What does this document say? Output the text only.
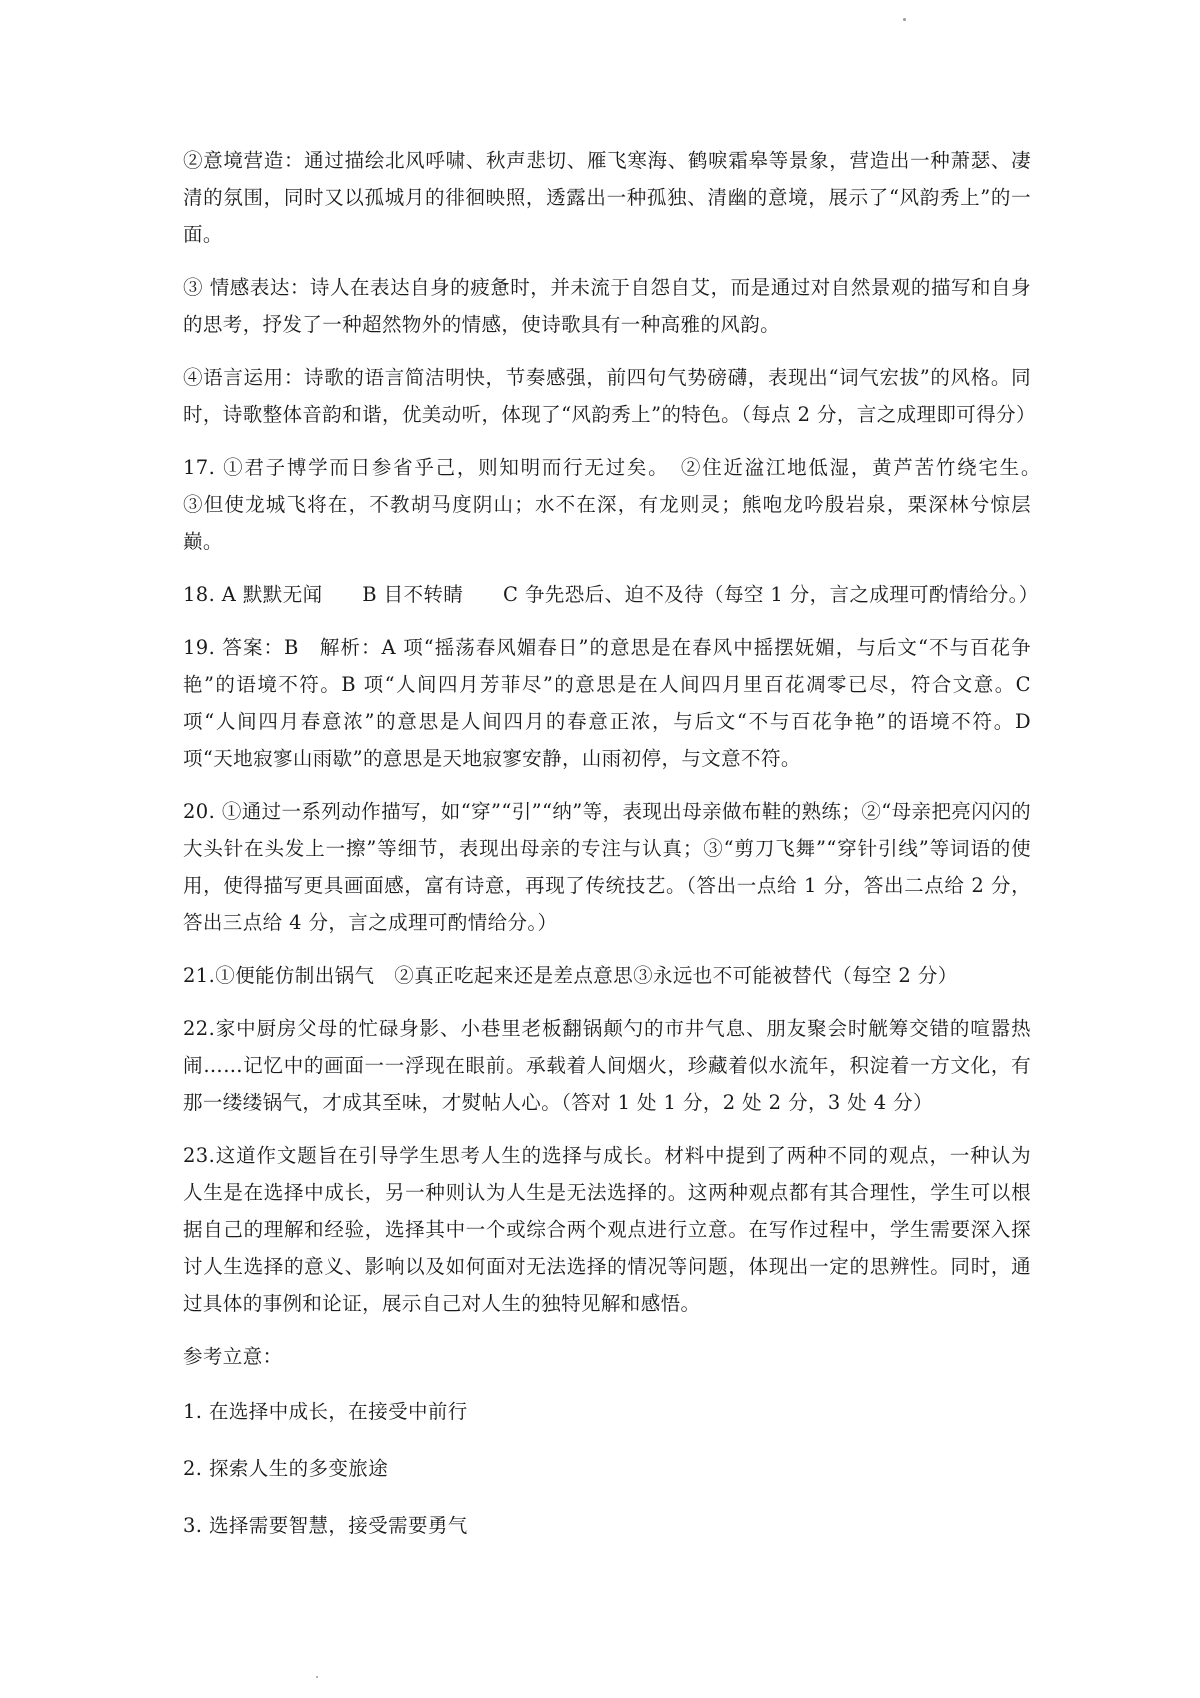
②意境营造：通过描绘北风呼啸、秋声悲切、雁飞寒海、鹤唳霜皋等景象，营造出一种萧瑟、凄清的氛围，同时又以孤城月的徘徊映照，透露出一种孤独、清幽的意境，展示了“风韵秀上”的一面。

③ 情感表达：诗人在表达自身的疲惫时，并未流于自怨自艾，而是通过对自然景观的描写和自身的思考，抒发了一种超然物外的情感，使诗歌具有一种高雅的风韵。

④语言运用：诗歌的语言简洁明快，节奏感强，前四句气势磅礴，表现出“词气宏拔”的风格。同时，诗歌整体音韵和谐，优美动听，体现了“风韵秀上”的特色。（每点 2 分，言之成理即可得分）

17. ①君子博学而日参省乎己，则知明而行无过矣。　②住近湓江地低湿，黄芦苦竹绕宅生。　　③但使龙城飞将在，不教胡马度阴山；水不在深，有龙则灵；熊咆龙吟殷岩泉，栗深林兮惊层巅。

18. A 默默无闻　　B 目不转睛　　C 争先恐后、迫不及待（每空 1 分，言之成理可酌情给分。）

19. 答案：B　解析：A 项“摇荡春风媚春日”的意思是在春风中摇摆妩媚，与后文“不与百花争艳”的语境不符。B 项“人间四月芳菲尽”的意思是在人间四月里百花凋零已尽，符合文意。C 项“人间四月春意浓”的意思是人间四月的春意正浓，与后文“不与百花争艳”的语境不符。D 项“天地寂寥山雨歇”的意思是天地寂寥安静，山雨初停，与文意不符。

20. ①通过一系列动作描写，如“穿”“引”“纳”等，表现出母亲做布鞋的熟练；②“母亲把亮闪闪的大头针在头发上一擦”等细节，表现出母亲的专注与认真；③“剪刀飞舞”“穿针引线”等词语的使用，使得描写更具画面感，富有诗意，再现了传统技艺。（答出一点给 1 分，答出二点给 2 分，答出三点给 4 分，言之成理可酌情给分。）

21.①便能仿制出锅气　②真正吃起来还是差点意思③永远也不可能被替代（每空 2 分）

22.家中厨房父母的忙碌身影、小巷里老板翻锅颠勺的市井气息、朋友聚会时觥筹交错的喧嚣热闹……记忆中的画面一一浮现在眼前。承载着人间烟火，珍藏着似水流年，积淀着一方文化，有那一缕缕锅气，才成其至味，才熨帖人心。（答对 1 处 1 分，2 处 2 分，3 处 4 分）

23.这道作文题旨在引导学生思考人生的选择与成长。材料中提到了两种不同的观点，一种认为人生是在选择中成长，另一种则认为人生是无法选择的。这两种观点都有其合理性，学生可以根据自己的理解和经验，选择其中一个或综合两个观点进行立意。在写作过程中，学生需要深入探讨人生选择的意义、影响以及如何面对无法选择的情况等问题，体现出一定的思辨性。同时，通过具体的事例和论证，展示自己对人生的独特见解和感悟。

参考立意：

1. 在选择中成长，在接受中前行

2. 探索人生的多变旅途

3. 选择需要智慧，接受需要勇气
